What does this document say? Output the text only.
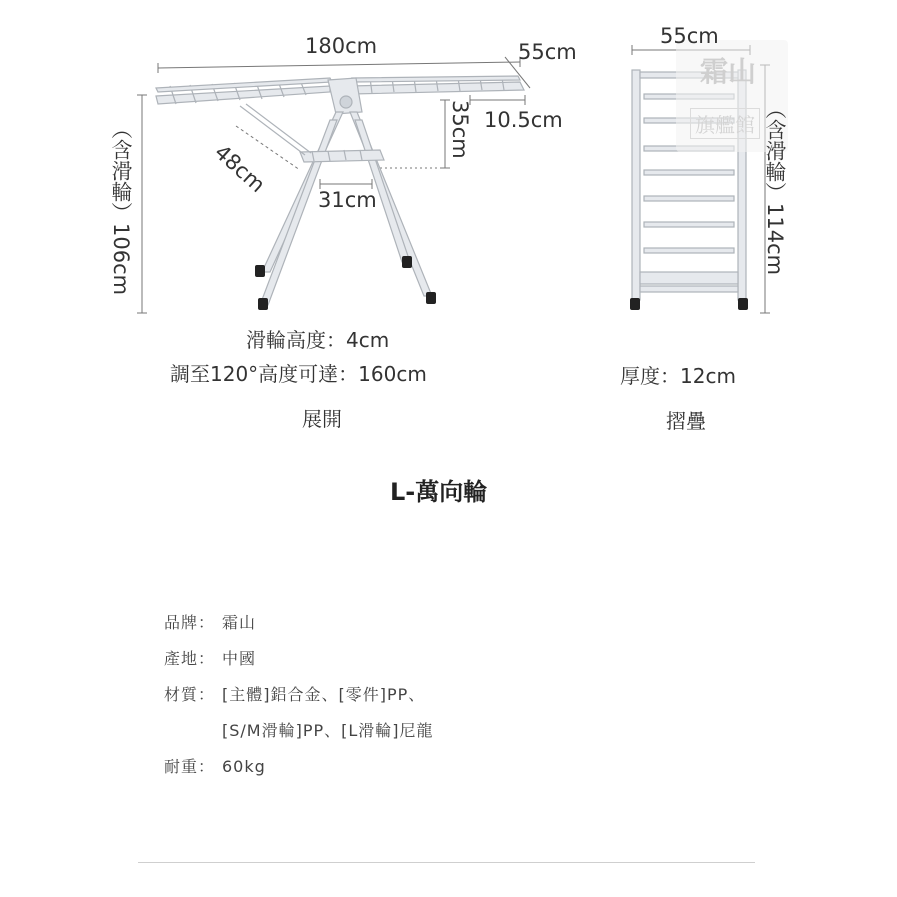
霜山
旗艦館
180cm	55cm
（含滑輪）106cm	48cm
35cm 10.5cm
31cm
滑輪高度：4cm
調至120°高度可達：160cm
展開
55cm
（含滑輪）114cm
厚度：12cm
摺疊
L-萬向輪
品牌： 霜山
產地： 中國
材質： [主體]鋁合金、[零件]PP、
[S/M滑輪]PP、[L滑輪]尼龍
耐重： 60kg
